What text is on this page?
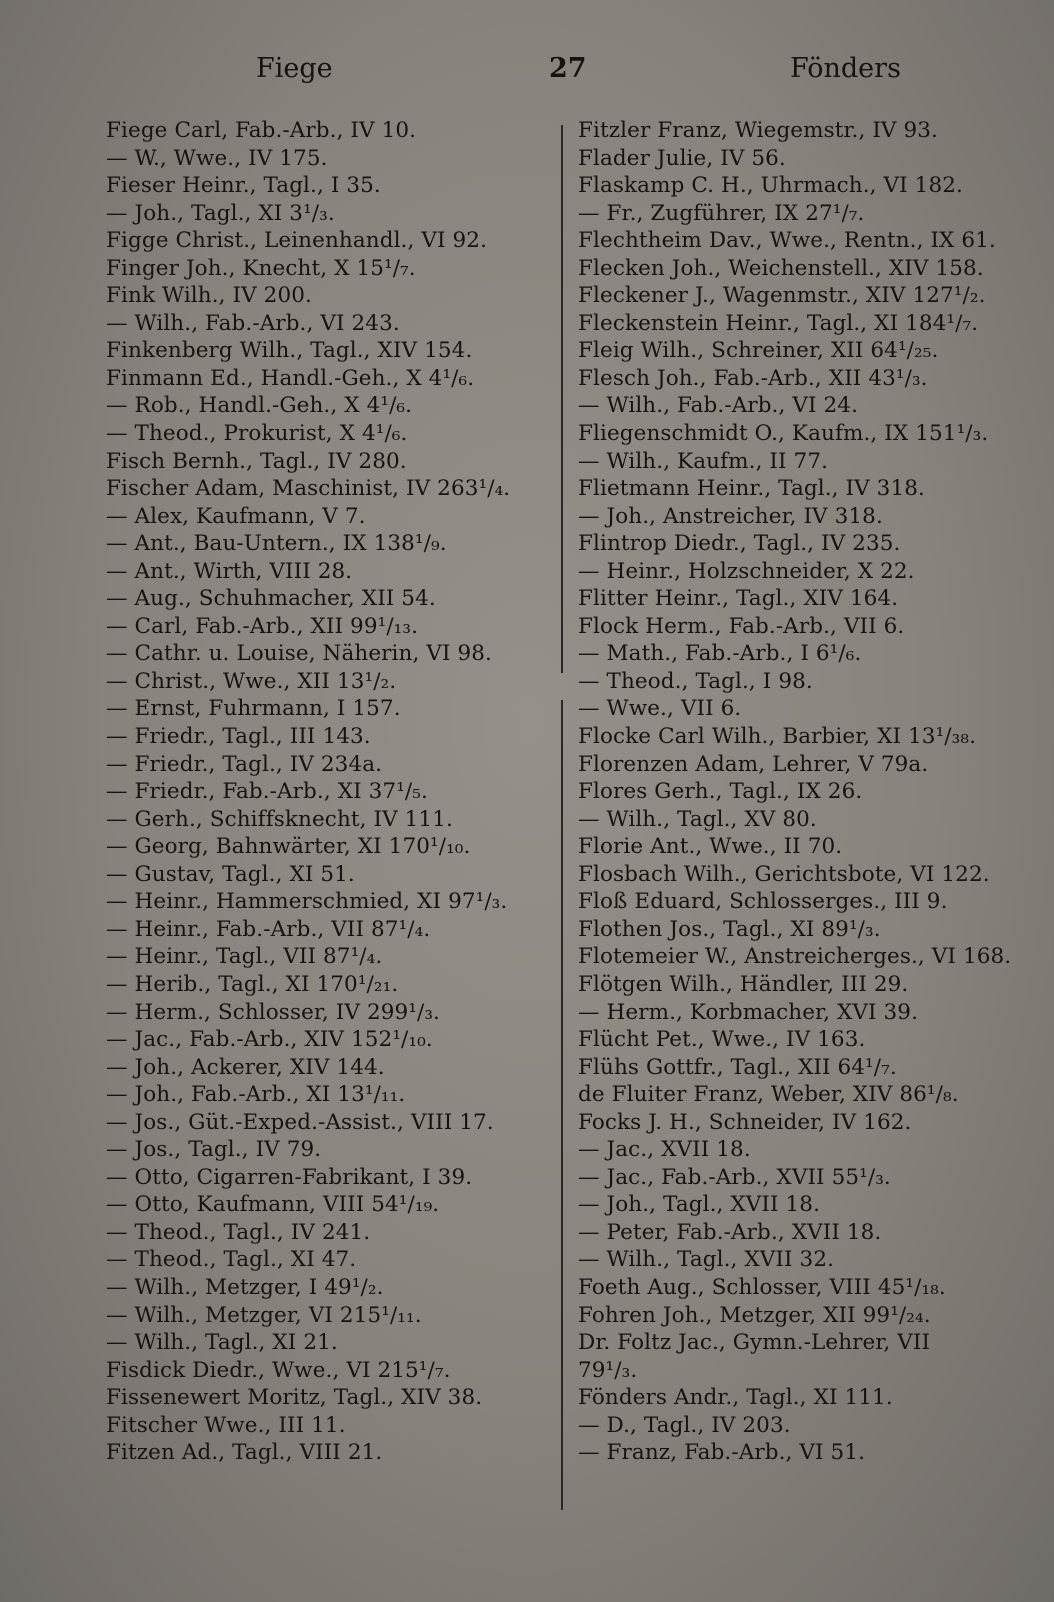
Fiege	27	Fönders
Fiege Carl, Fab.-Arb., IV 10.
— W., Wwe., IV 175.
Fieser Heinr., Tagl., I 35.
— Joh., Tagl., XI 3¹/₃.
Figge Christ., Leinenhandl., VI 92.
Finger Joh., Knecht, X 15¹/₇.
Fink Wilh., IV 200.
— Wilh., Fab.-Arb., VI 243.
Finkenberg Wilh., Tagl., XIV 154.
Finmann Ed., Handl.-Geh., X 4¹/₆.
— Rob., Handl.-Geh., X 4¹/₆.
— Theod., Prokurist, X 4¹/₆.
Fisch Bernh., Tagl., IV 280.
Fischer Adam, Maschinist, IV 263¹/₄.
— Alex, Kaufmann, V 7.
— Ant., Bau-Untern., IX 138¹/₉.
— Ant., Wirth, VIII 28.
— Aug., Schuhmacher, XII 54.
— Carl, Fab.-Arb., XII 99¹/₁₃.
— Cathr. u. Louise, Näherin, VI 98.
— Christ., Wwe., XII 13¹/₂.
— Ernst, Fuhrmann, I 157.
— Friedr., Tagl., III 143.
— Friedr., Tagl., IV 234a.
— Friedr., Fab.-Arb., XI 37¹/₅.
— Gerh., Schiffsknecht, IV 111.
— Georg, Bahnwärter, XI 170¹/₁₀.
— Gustav, Tagl., XI 51.
— Heinr., Hammerschmied, XI 97¹/₃.
— Heinr., Fab.-Arb., VII 87¹/₄.
— Heinr., Tagl., VII 87¹/₄.
— Herib., Tagl., XI 170¹/₂₁.
— Herm., Schlosser, IV 299¹/₃.
— Jac., Fab.-Arb., XIV 152¹/₁₀.
— Joh., Ackerer, XIV 144.
— Joh., Fab.-Arb., XI 13¹/₁₁.
— Jos., Güt.-Exped.-Assist., VIII 17.
— Jos., Tagl., IV 79.
— Otto, Cigarren-Fabrikant, I 39.
— Otto, Kaufmann, VIII 54¹/₁₉.
— Theod., Tagl., IV 241.
— Theod., Tagl., XI 47.
— Wilh., Metzger, I 49¹/₂.
— Wilh., Metzger, VI 215¹/₁₁.
— Wilh., Tagl., XI 21.
Fisdick Diedr., Wwe., VI 215¹/₇.
Fissenewert Moritz, Tagl., XIV 38.
Fitscher Wwe., III 11.
Fitzen Ad., Tagl., VIII 21.
Fitzler Franz, Wiegemstr., IV 93.
Flader Julie, IV 56.
Flaskamp C. H., Uhrmach., VI 182.
— Fr., Zugführer, IX 27¹/₇.
Flechtheim Dav., Wwe., Rentn., IX 61.
Flecken Joh., Weichenstell., XIV 158.
Fleckener J., Wagenmstr., XIV 127¹/₂.
Fleckenstein Heinr., Tagl., XI 184¹/₇.
Fleig Wilh., Schreiner, XII 64¹/₂₅.
Flesch Joh., Fab.-Arb., XII 43¹/₃.
— Wilh., Fab.-Arb., VI 24.
Fliegenschmidt O., Kaufm., IX 151¹/₃.
— Wilh., Kaufm., II 77.
Flietmann Heinr., Tagl., IV 318.
— Joh., Anstreicher, IV 318.
Flintrop Diedr., Tagl., IV 235.
— Heinr., Holzschneider, X 22.
Flitter Heinr., Tagl., XIV 164.
Flock Herm., Fab.-Arb., VII 6.
— Math., Fab.-Arb., I 6¹/₆.
— Theod., Tagl., I 98.
— Wwe., VII 6.
Flocke Carl Wilh., Barbier, XI 13¹/₃₈.
Florenzen Adam, Lehrer, V 79a.
Flores Gerh., Tagl., IX 26.
— Wilh., Tagl., XV 80.
Florie Ant., Wwe., II 70.
Flosbach Wilh., Gerichtsbote, VI 122.
Floß Eduard, Schlosserges., III 9.
Flothen Jos., Tagl., XI 89¹/₃.
Flotemeier W., Anstreicherges., VI 168.
Flötgen Wilh., Händler, III 29.
— Herm., Korbmacher, XVI 39.
Flücht Pet., Wwe., IV 163.
Flühs Gottfr., Tagl., XII 64¹/₇.
de Fluiter Franz, Weber, XIV 86¹/₈.
Focks J. H., Schneider, IV 162.
— Jac., XVII 18.
— Jac., Fab.-Arb., XVII 55¹/₃.
— Joh., Tagl., XVII 18.
— Peter, Fab.-Arb., XVII 18.
— Wilh., Tagl., XVII 32.
Foeth Aug., Schlosser, VIII 45¹/₁₈.
Fohren Joh., Metzger, XII 99¹/₂₄.
Dr. Foltz Jac., Gymn.-Lehrer, VII
79¹/₃.
Fönders Andr., Tagl., XI 111.
— D., Tagl., IV 203.
— Franz, Fab.-Arb., VI 51.
